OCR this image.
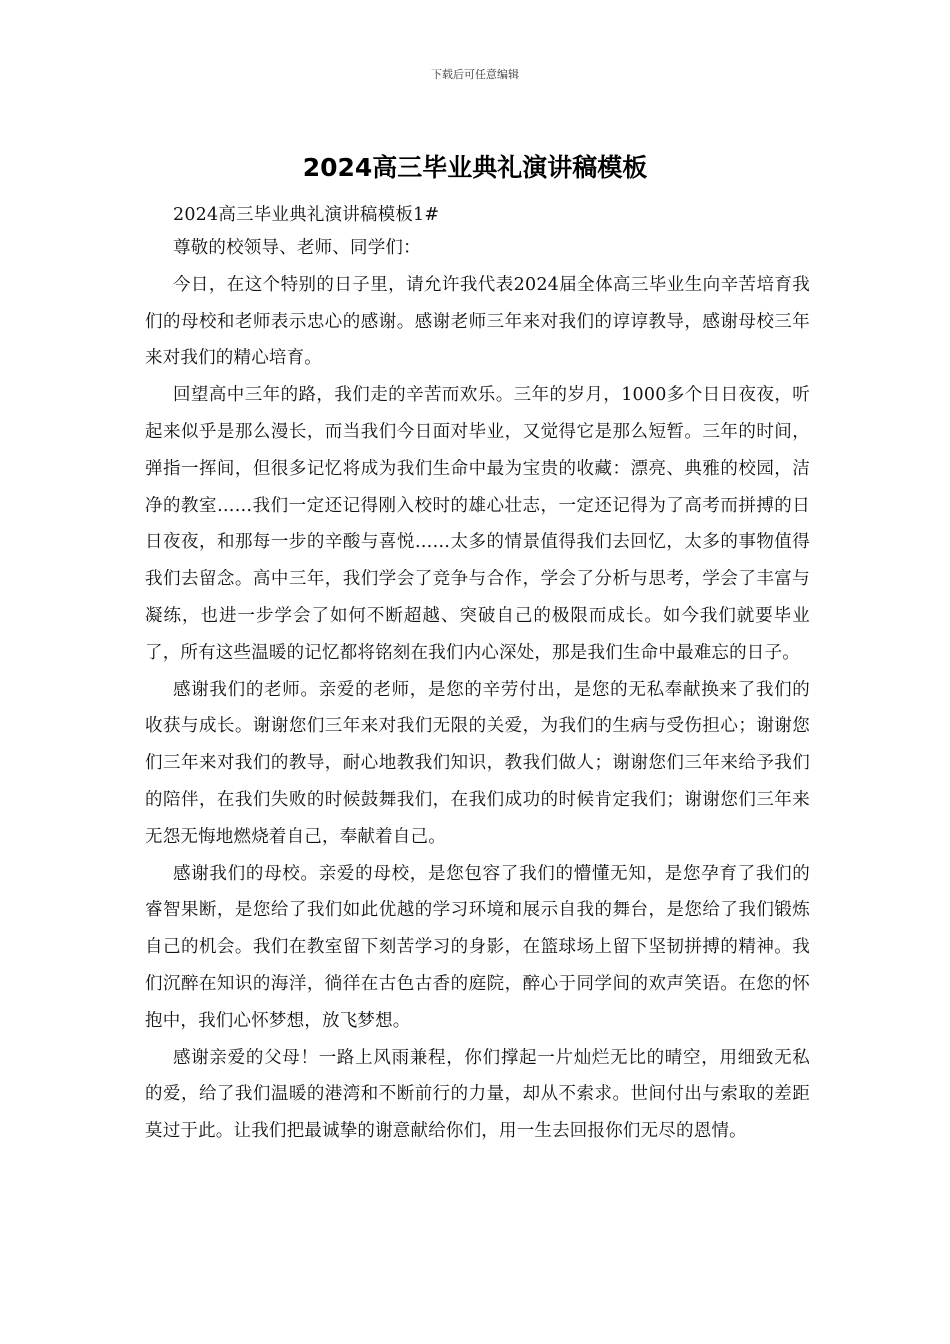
下载后可任意编辑
2024高三毕业典礼演讲稿模板

2024高三毕业典礼演讲稿模板1#

尊敬的校领导、老师、同学们：

今日，在这个特别的日子里，请允许我代表2024届全体高三毕业生向辛苦培育我们的母校和老师表示忠心的感谢。感谢老师三年来对我们的谆谆教导，感谢母校三年来对我们的精心培育。

回望高中三年的路，我们走的辛苦而欢乐。三年的岁月，1000多个日日夜夜，听起来似乎是那么漫长，而当我们今日面对毕业，又觉得它是那么短暂。三年的时间，弹指一挥间，但很多记忆将成为我们生命中最为宝贵的收藏：漂亮、典雅的校园，洁净的教室……我们一定还记得刚入校时的雄心壮志，一定还记得为了高考而拼搏的日日夜夜，和那每一步的辛酸与喜悦……太多的情景值得我们去回忆，太多的事物值得我们去留念。高中三年，我们学会了竞争与合作，学会了分析与思考，学会了丰富与凝练，也进一步学会了如何不断超越、突破自己的极限而成长。如今我们就要毕业了，所有这些温暖的记忆都将铭刻在我们内心深处，那是我们生命中最难忘的日子。

感谢我们的老师。亲爱的老师，是您的辛劳付出，是您的无私奉献换来了我们的收获与成长。谢谢您们三年来对我们无限的关爱，为我们的生病与受伤担心；谢谢您们三年来对我们的教导，耐心地教我们知识，教我们做人；谢谢您们三年来给予我们的陪伴，在我们失败的时候鼓舞我们，在我们成功的时候肯定我们；谢谢您们三年来无怨无悔地燃烧着自己，奉献着自己。

感谢我们的母校。亲爱的母校，是您包容了我们的懵懂无知，是您孕育了我们的睿智果断，是您给了我们如此优越的学习环境和展示自我的舞台，是您给了我们锻炼自己的机会。我们在教室留下刻苦学习的身影，在篮球场上留下坚韧拼搏的精神。我们沉醉在知识的海洋，徜徉在古色古香的庭院，醉心于同学间的欢声笑语。在您的怀抱中，我们心怀梦想，放飞梦想。

感谢亲爱的父母！一路上风雨兼程，你们撑起一片灿烂无比的晴空，用细致无私的爱，给了我们温暖的港湾和不断前行的力量，却从不索求。世间付出与索取的差距莫过于此。让我们把最诚挚的谢意献给你们，用一生去回报你们无尽的恩情。
